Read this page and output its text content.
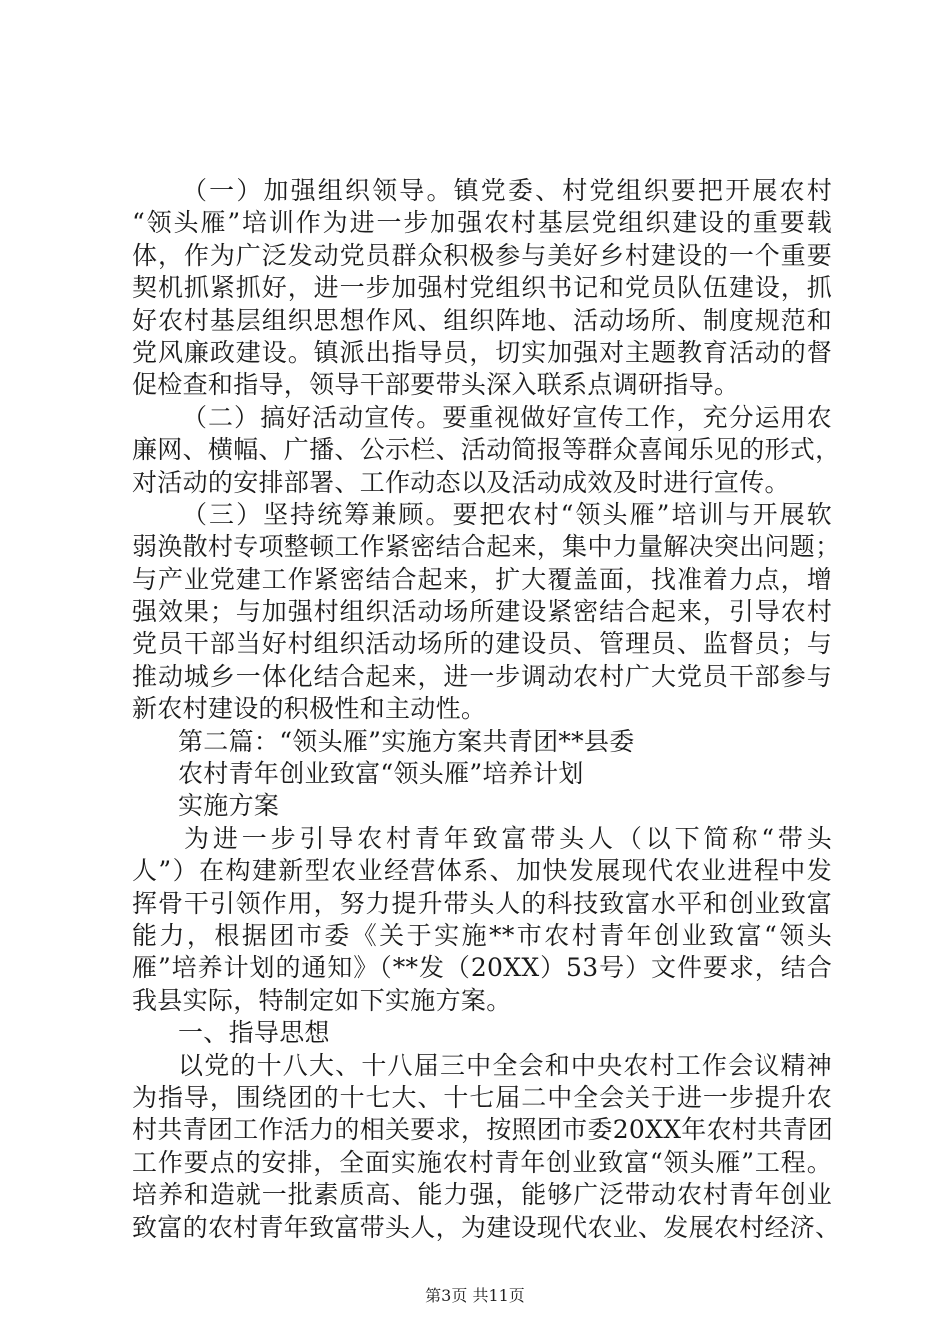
（一）加强组织领导。镇党委、村党组织要把开展农村
“领头雁”培训作为进一步加强农村基层党组织建设的重要载
体，作为广泛发动党员群众积极参与美好乡村建设的一个重要
契机抓紧抓好，进一步加强村党组织书记和党员队伍建设，抓
好农村基层组织思想作风、组织阵地、活动场所、制度规范和
党风廉政建设。镇派出指导员，切实加强对主题教育活动的督
促检查和指导，领导干部要带头深入联系点调研指导。
（二）搞好活动宣传。要重视做好宣传工作，充分运用农
廉网、横幅、广播、公示栏、活动简报等群众喜闻乐见的形式，
对活动的安排部署、工作动态以及活动成效及时进行宣传。
（三）坚持统筹兼顾。要把农村“领头雁”培训与开展软
弱涣散村专项整顿工作紧密结合起来，集中力量解决突出问题；
与产业党建工作紧密结合起来，扩大覆盖面，找准着力点，增
强效果；与加强村组织活动场所建设紧密结合起来，引导农村
党员干部当好村组织活动场所的建设员、管理员、监督员；与
推动城乡一体化结合起来，进一步调动农村广大党员干部参与
新农村建设的积极性和主动性。
第二篇：“领头雁”实施方案共青团**县委
农村青年创业致富“领头雁”培养计划
实施方案
为进一步引导农村青年致富带头人（以下简称“带头
人”）在构建新型农业经营体系、加快发展现代农业进程中发
挥骨干引领作用，努力提升带头人的科技致富水平和创业致富
能力，根据团市委《关于实施**市农村青年创业致富“领头
雁”培养计划的通知》（**发（20XX）53号）文件要求，结合
我县实际，特制定如下实施方案。
一、指导思想
以党的十八大、十八届三中全会和中央农村工作会议精神
为指导，围绕团的十七大、十七届二中全会关于进一步提升农
村共青团工作活力的相关要求，按照团市委20XX年农村共青团
工作要点的安排，全面实施农村青年创业致富“领头雁”工程。
培养和造就一批素质高、能力强，能够广泛带动农村青年创业
致富的农村青年致富带头人，为建设现代农业、发展农村经济、
第3页 共11页
